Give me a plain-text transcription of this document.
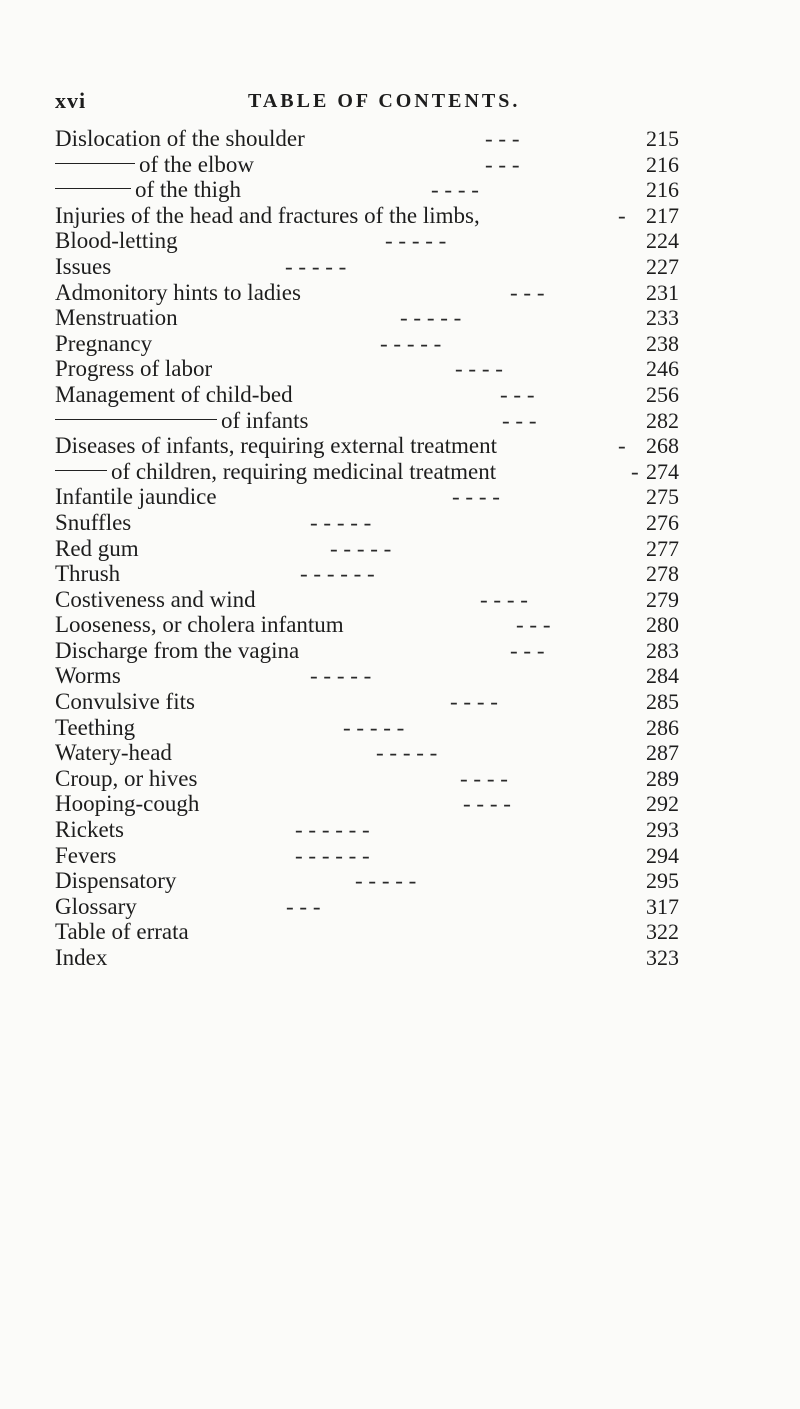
xvi	TABLE OF CONTENTS.
Dislocation of the shoulder	- - -	215
of the elbow	- - -	216
of the thigh	- - - -	216
Injuries of the head and fractures of the limbs,	- 217
Blood-letting	- - - - -	224
Issues	- - - - -	227
Admonitory hints to ladies	- - -	231
Menstruation	- - - - -	233
Pregnancy	- - - - -	238
Progress of labor	- - - -	246
Management of child-bed	- - -	256
of infants	- - -	282
Diseases of infants, requiring external treatment	- 268
of children, requiring medicinal treatment	- 274
Infantile jaundice	- - - -	275
Snuffles	- - - - -	276
Red gum	- - - - -	277
Thrush	- - - - - -	278
Costiveness and wind	- - - -	279
Looseness, or cholera infantum	- - -	280
Discharge from the vagina	- - -	283
Worms	- - - - -	284
Convulsive fits	- - - -	285
Teething	- - - - -	286
Watery-head	- - - - -	287
Croup, or hives	- - - -	289
Hooping-cough	- - - -	292
Rickets	- - - - - -	293
Fevers	- - - - - -	294
Dispensatory	- - - - -	295
Glossary	- - -	317
Table of errata	322
Index	323
